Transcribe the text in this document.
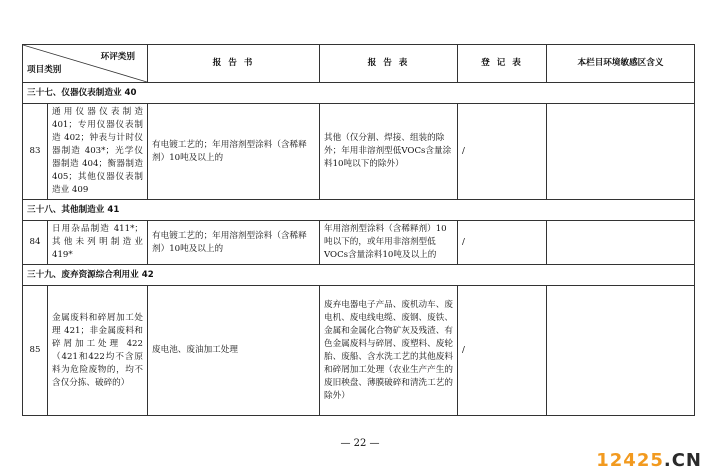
环评类别
项目类别		报 告 书	报 告 表	登 记 表	本栏目环境敏感区含义
三十七、仪器仪表制造业 40					
83	通用仪器仪表制造401；专用仪器仪表制造 402；钟表与计时仪器制造 403*；光学仪器制造 404；衡器制造 405；其他仪器仪表制造业 409	有电镀工艺的；年用溶剂型涂料（含稀释剂）10吨及以上的	其他（仅分割、焊接、组装的除外；年用非溶剂型低VOCs含量涂料10吨以下的除外）	/	
三十八、其他制造业 41					
84	日用杂品制造 411*；其他未列明制造业 419*	有电镀工艺的；年用溶剂型涂料（含稀释剂）10吨及以上的	年用溶剂型涂料（含稀释剂）10吨以下的，或年用非溶剂型低VOCs含量涂料10吨及以上的	/	
三十九、废弃资源综合利用业 42					
85	金属废料和碎屑加工处理 421；非金属废料和碎屑加工处理 422（421和422均不含原料为危险废物的，均不含仅分拣、破碎的）	废电池、废油加工处理	废弃电器电子产品、废机动车、废电机、废电线电缆、废钢、废铁、金属和金属化合物矿灰及残渣、有色金属废料与碎屑、废塑料、废轮胎、废船、含水洗工艺的其他废料和碎屑加工处理（农业生产产生的废旧秧盘、薄膜破碎和清洗工艺的除外）	/	
— 22 —
12425.CN
